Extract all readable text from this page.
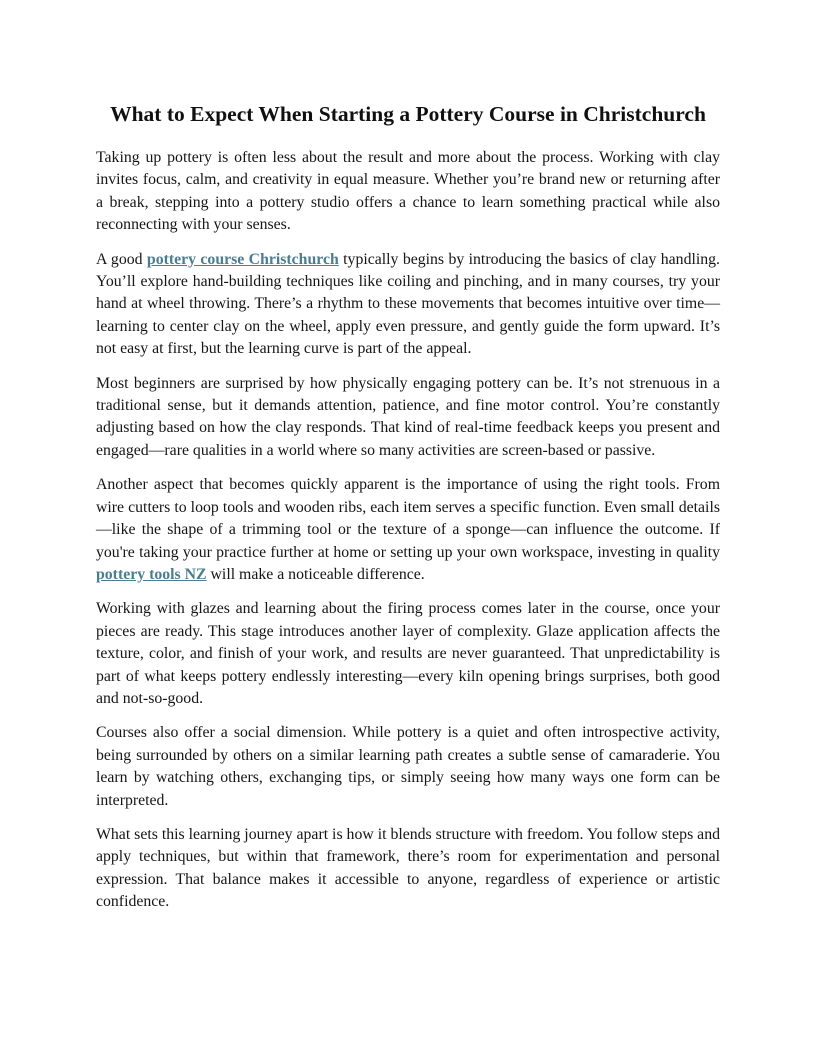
What to Expect When Starting a Pottery Course in Christchurch

Taking up pottery is often less about the result and more about the process. Working with clay invites focus, calm, and creativity in equal measure. Whether you’re brand new or returning after a break, stepping into a pottery studio offers a chance to learn something practical while also reconnecting with your senses.

A good pottery course Christchurch typically begins by introducing the basics of clay handling. You’ll explore hand-building techniques like coiling and pinching, and in many courses, try your hand at wheel throwing. There’s a rhythm to these movements that becomes intuitive over time—learning to center clay on the wheel, apply even pressure, and gently guide the form upward. It’s not easy at first, but the learning curve is part of the appeal.

Most beginners are surprised by how physically engaging pottery can be. It’s not strenuous in a traditional sense, but it demands attention, patience, and fine motor control. You’re constantly adjusting based on how the clay responds. That kind of real-time feedback keeps you present and engaged—rare qualities in a world where so many activities are screen-based or passive.

Another aspect that becomes quickly apparent is the importance of using the right tools. From wire cutters to loop tools and wooden ribs, each item serves a specific function. Even small details—like the shape of a trimming tool or the texture of a sponge—can influence the outcome. If you're taking your practice further at home or setting up your own workspace, investing in quality pottery tools NZ will make a noticeable difference.

Working with glazes and learning about the firing process comes later in the course, once your pieces are ready. This stage introduces another layer of complexity. Glaze application affects the texture, color, and finish of your work, and results are never guaranteed. That unpredictability is part of what keeps pottery endlessly interesting—every kiln opening brings surprises, both good and not-so-good.

Courses also offer a social dimension. While pottery is a quiet and often introspective activity, being surrounded by others on a similar learning path creates a subtle sense of camaraderie. You learn by watching others, exchanging tips, or simply seeing how many ways one form can be interpreted.

What sets this learning journey apart is how it blends structure with freedom. You follow steps and apply techniques, but within that framework, there’s room for experimentation and personal expression. That balance makes it accessible to anyone, regardless of experience or artistic confidence.
